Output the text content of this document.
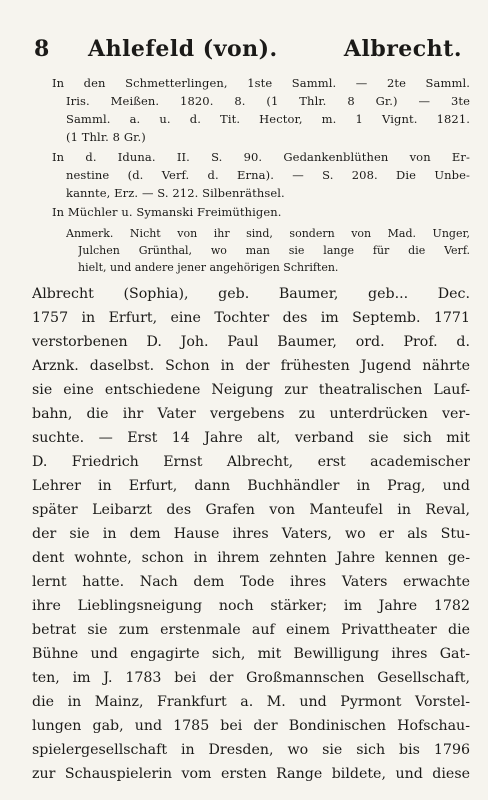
8 Ahlefeld (von).	Albrecht.
In den Schmetterlingen, 1ste Samml. — 2te Samml.
Iris. Meißen. 1820. 8. (1 Thlr. 8 Gr.) — 3te
Samml. a. u. d. Tit. Hector, m. 1 Vignt. 1821.
(1 Thlr. 8 Gr.)
In d. Iduna. II. S. 90. Gedankenblüthen von Er-
nestine (d. Verf. d. Erna). — S. 208. Die Unbe-
kannte, Erz. — S. 212. Silbenräthsel.
In Müchler u. Symanski Freimüthigen.
Anmerk. Nicht von ihr sind, sondern von Mad. Unger,
Julchen Grünthal, wo man sie lange für die Verf.
hielt, und andere jener angehörigen Schriften.
Albrecht (Sophia), geb. Baumer, geb... Dec.
1757 in Erfurt, eine Tochter des im Septemb. 1771
verstorbenen D. Joh. Paul Baumer, ord. Prof. d.
Arznk. daselbst. Schon in der frühesten Jugend nährte
sie eine entschiedene Neigung zur theatralischen Lauf-
bahn, die ihr Vater vergebens zu unterdrücken ver-
suchte. — Erst 14 Jahre alt, verband sie sich mit
D. Friedrich Ernst Albrecht, erst academischer
Lehrer in Erfurt, dann Buchhändler in Prag, und
später Leibarzt des Grafen von Manteufel in Reval,
der sie in dem Hause ihres Vaters, wo er als Stu-
dent wohnte, schon in ihrem zehnten Jahre kennen ge-
lernt hatte. Nach dem Tode ihres Vaters erwachte
ihre Lieblingsneigung noch stärker; im Jahre 1782
betrat sie zum erstenmale auf einem Privattheater die
Bühne und engagirte sich, mit Bewilligung ihres Gat-
ten, im J. 1783 bei der Großmannschen Gesellschaft,
die in Mainz, Frankfurt a. M. und Pyrmont Vorstel-
lungen gab, und 1785 bei der Bondinischen Hofschau-
spielergesellschaft in Dresden, wo sie sich bis 1796
zur Schauspielerin vom ersten Range bildete, und diese
